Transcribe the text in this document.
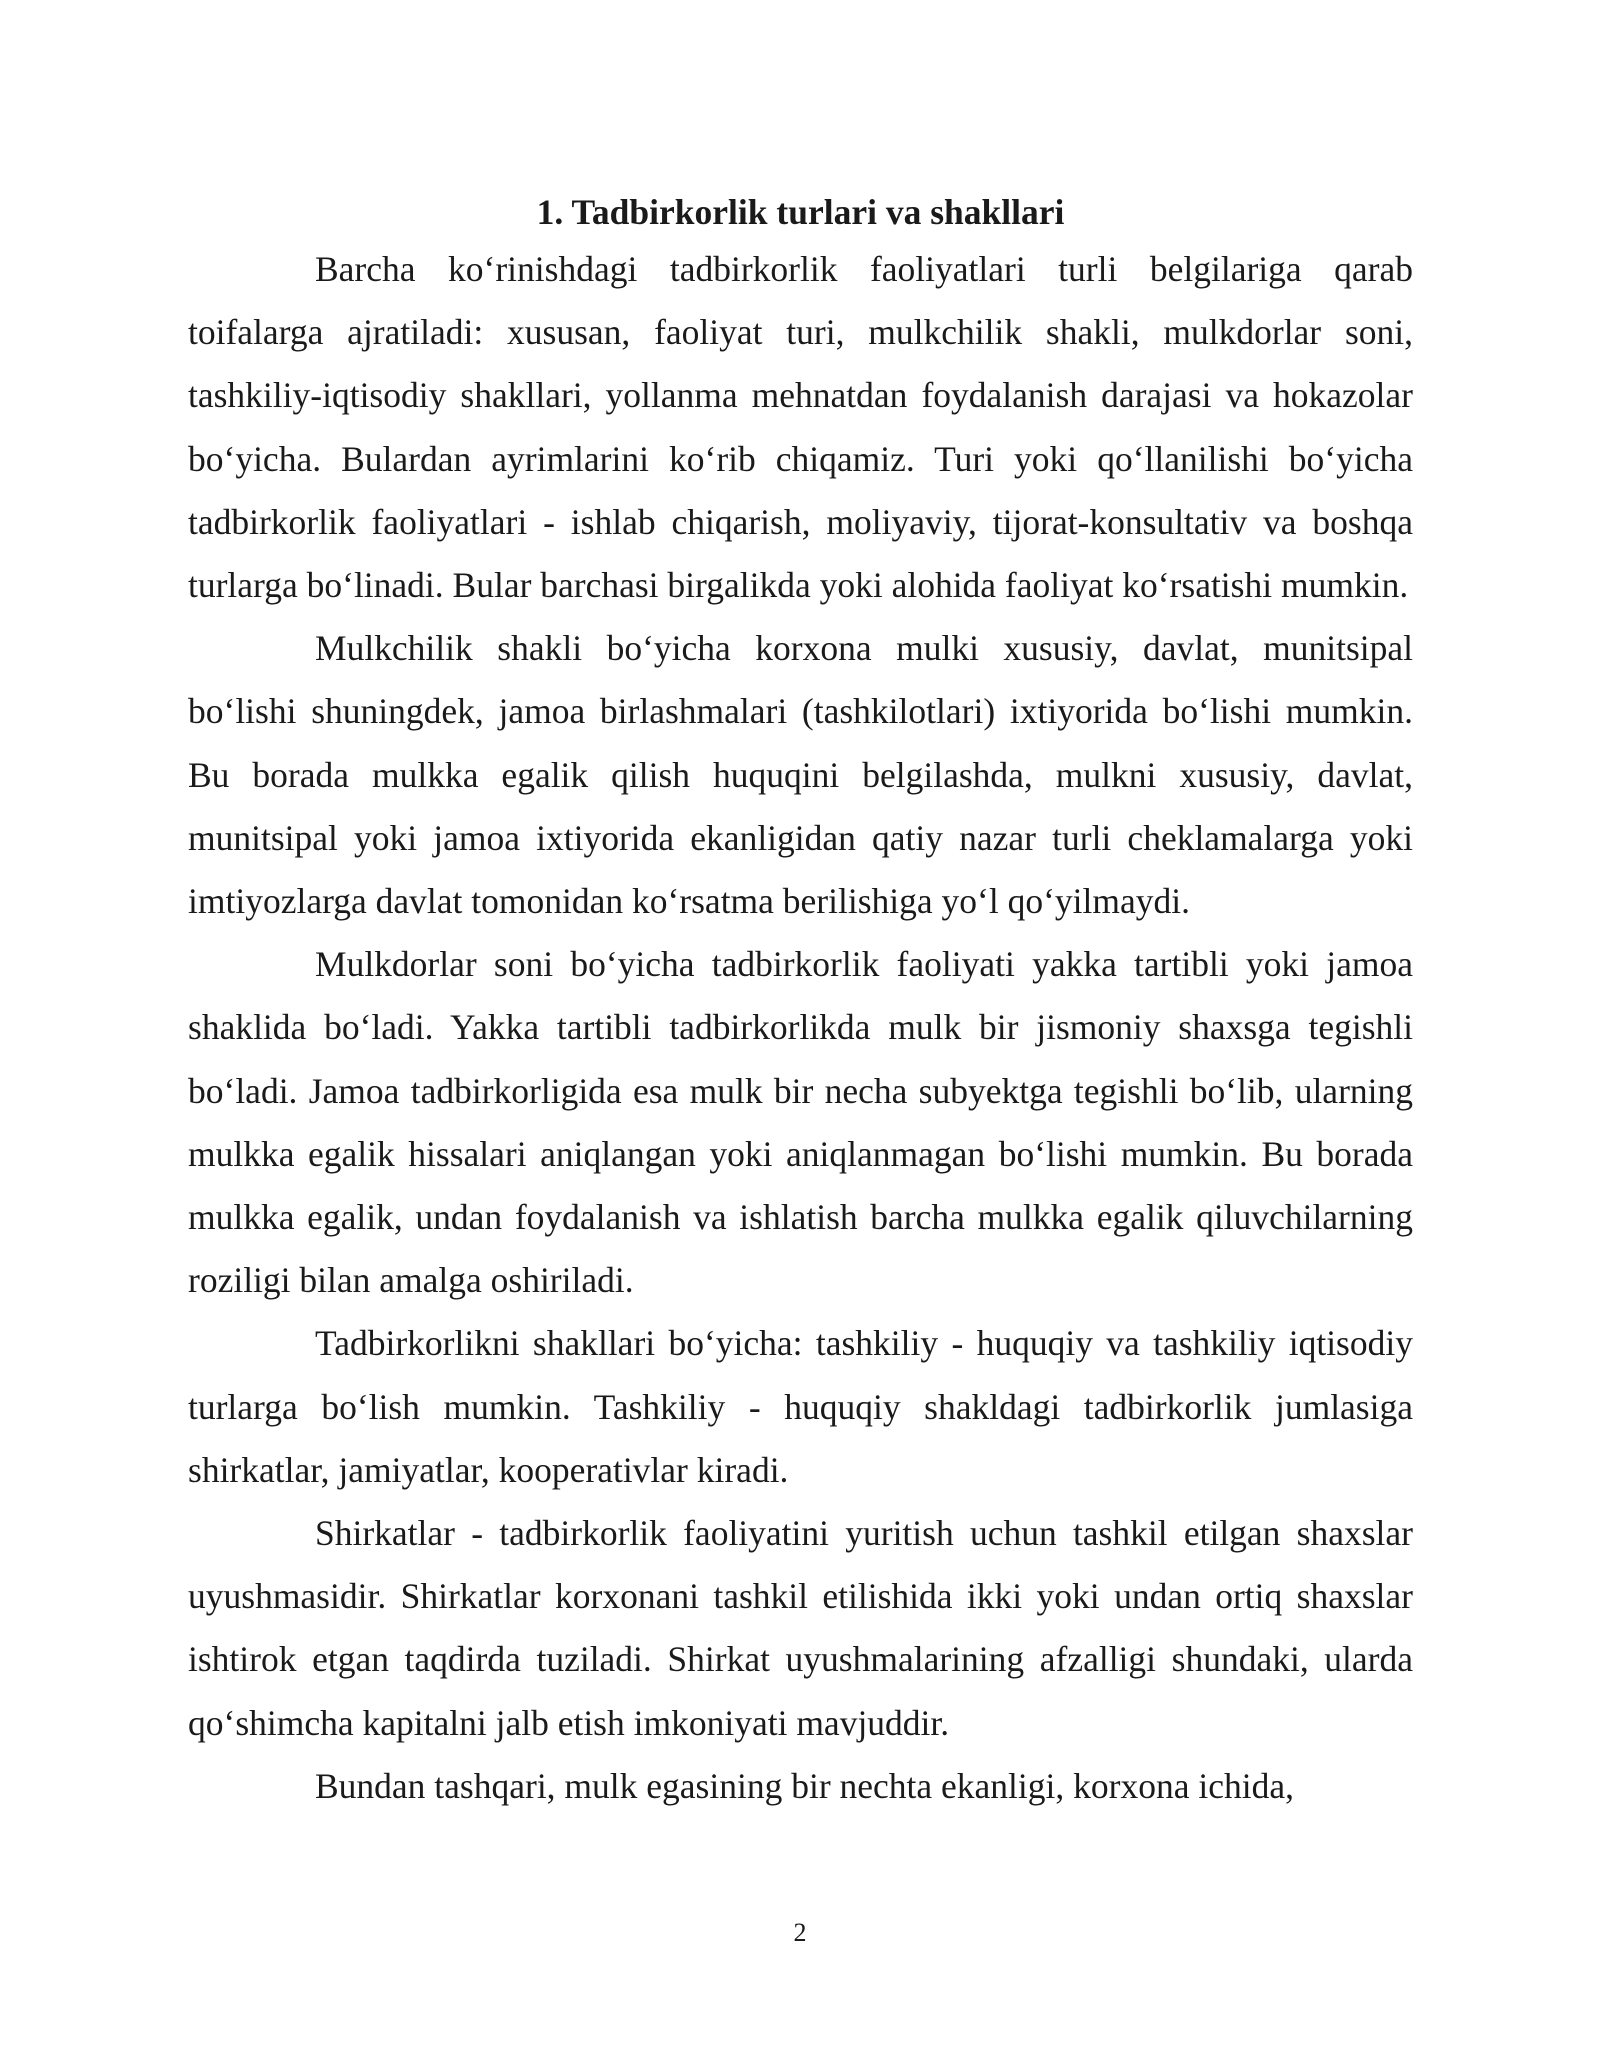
1. Tadbirkorlik turlari va shakllari

Barcha ko‘rinishdagi tadbirkorlik faoliyatlari turli belgilariga qarab toifalarga ajratiladi: xususan, faoliyat turi, mulkchilik shakli, mulkdorlar soni, tashkiliy-iqtisodiy shakllari, yollanma mehnatdan foydalanish darajasi va hokazolar bo‘yicha. Bulardan ayrimlarini ko‘rib chiqamiz. Turi yoki qo‘llanilishi bo‘yicha tadbirkorlik faoliyatlari - ishlab chiqarish, moliyaviy, tijorat-konsultativ va boshqa turlarga bo‘linadi. Bular barchasi birgalikda yoki alohida faoliyat ko‘rsatishi mumkin.

Mulkchilik shakli bo‘yicha korxona mulki xususiy, davlat, munitsipal bo‘lishi shuningdek, jamoa birlashmalari (tashkilotlari) ixtiyorida bo‘lishi mumkin. Bu borada mulkka egalik qilish huquqini belgilashda, mulkni xususiy, davlat, munitsipal yoki jamoa ixtiyorida ekanligidan qatiy nazar turli cheklamalarga yoki imtiyozlarga davlat tomonidan ko‘rsatma berilishiga yo‘l qo‘yilmaydi.

Mulkdorlar soni bo‘yicha tadbirkorlik faoliyati yakka tartibli yoki jamoa shaklida bo‘ladi. Yakka tartibli tadbirkorlikda mulk bir jismoniy shaxsga tegishli bo‘ladi. Jamoa tadbirkorligida esa mulk bir necha subyektga tegishli bo‘lib, ularning mulkka egalik hissalari aniqlangan yoki aniqlanmagan bo‘lishi mumkin. Bu borada mulkka egalik, undan foydalanish va ishlatish barcha mulkka egalik qiluvchilarning roziligi bilan amalga oshiriladi.

Tadbirkorlikni shakllari bo‘yicha: tashkiliy - huquqiy va tashkiliy iqtisodiy turlarga bo‘lish mumkin. Tashkiliy - huquqiy shakldagi tadbirkorlik jumlasiga shirkatlar, jamiyatlar, kooperativlar kiradi.

Shirkatlar - tadbirkorlik faoliyatini yuritish uchun tashkil etilgan shaxslar uyushmasidir. Shirkatlar korxonani tashkil etilishida ikki yoki undan ortiq shaxslar ishtirok etgan taqdirda tuziladi. Shirkat uyushmalarining afzalligi shundaki, ularda qo‘shimcha kapitalni jalb etish imkoniyati mavjuddir.

Bundan tashqari, mulk egasining bir nechta ekanligi, korxona ichida,

2
